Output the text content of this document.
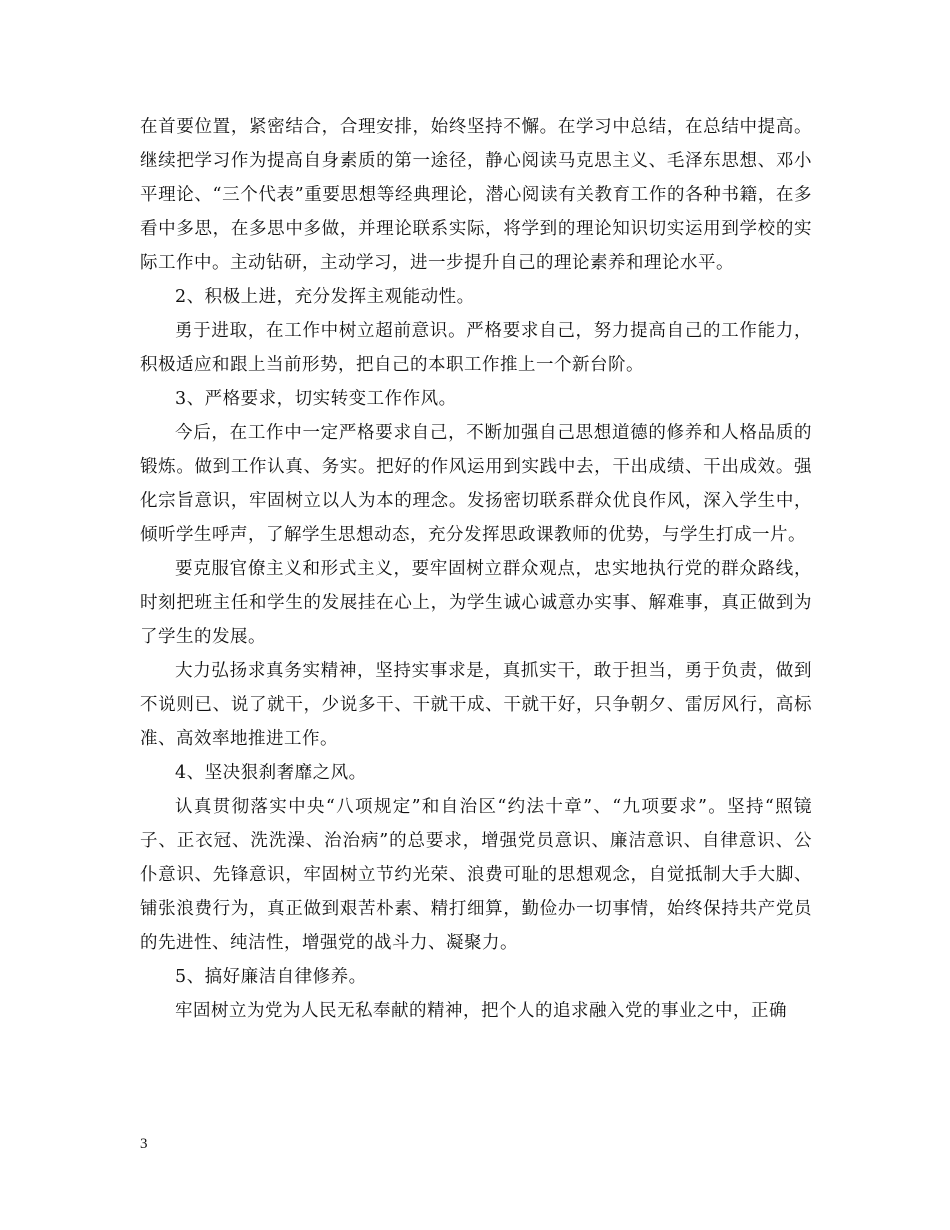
在首要位置，紧密结合，合理安排，始终坚持不懈。在学习中总结，在总结中提高。继续把学习作为提高自身素质的第一途径，静心阅读马克思主义、毛泽东思想、邓小平理论、“三个代表”重要思想等经典理论，潜心阅读有关教育工作的各种书籍，在多看中多思，在多思中多做，并理论联系实际，将学到的理论知识切实运用到学校的实际工作中。主动钻研，主动学习，进一步提升自己的理论素养和理论水平。

2、积极上进，充分发挥主观能动性。

勇于进取，在工作中树立超前意识。严格要求自己，努力提高自己的工作能力，积极适应和跟上当前形势，把自己的本职工作推上一个新台阶。

3、严格要求，切实转变工作作风。

今后，在工作中一定严格要求自己，不断加强自己思想道德的修养和人格品质的锻炼。做到工作认真、务实。把好的作风运用到实践中去，干出成绩、干出成效。强化宗旨意识，牢固树立以人为本的理念。发扬密切联系群众优良作风，深入学生中，倾听学生呼声，了解学生思想动态，充分发挥思政课教师的优势，与学生打成一片。

要克服官僚主义和形式主义，要牢固树立群众观点，忠实地执行党的群众路线，时刻把班主任和学生的发展挂在心上，为学生诚心诚意办实事、解难事，真正做到为了学生的发展。

大力弘扬求真务实精神，坚持实事求是，真抓实干，敢于担当，勇于负责，做到不说则已、说了就干，少说多干、干就干成、干就干好，只争朝夕、雷厉风行，高标准、高效率地推进工作。

4、坚决狠刹奢靡之风。

认真贯彻落实中央“八项规定”和自治区“约法十章”、“九项要求”。坚持“照镜子、正衣冠、洗洗澡、治治病”的总要求，增强党员意识、廉洁意识、自律意识、公仆意识、先锋意识，牢固树立节约光荣、浪费可耻的思想观念，自觉抵制大手大脚、铺张浪费行为，真正做到艰苦朴素、精打细算，勤俭办一切事情，始终保持共产党员的先进性、纯洁性，增强党的战斗力、凝聚力。

5、搞好廉洁自律修养。

牢固树立为党为人民无私奉献的精神，把个人的追求融入党的事业之中，正确

3
